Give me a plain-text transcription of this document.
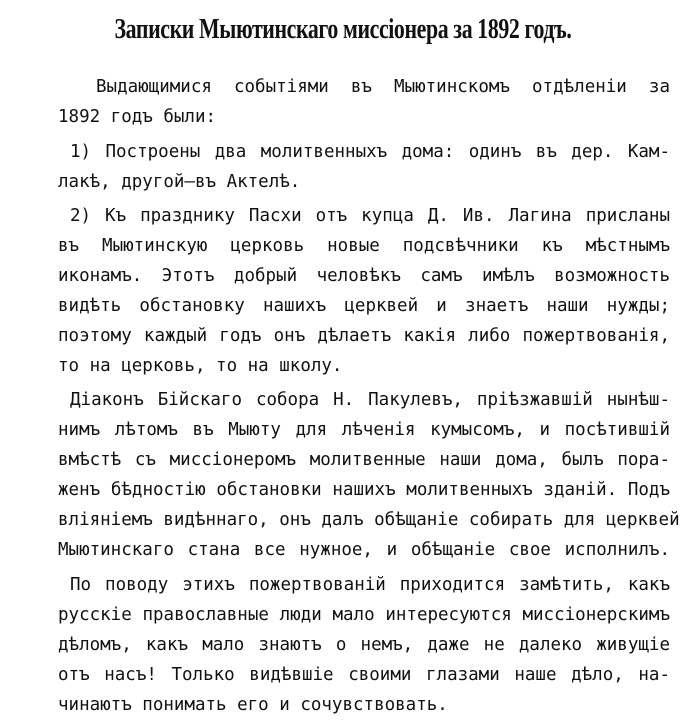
Записки Мыютинскаго миссіонера за 1892 годъ.

Выдающимися событіями въ Мыютинскомъ отдѣленіи за

1892 годъ были:

1) Построены два молитвенныхъ дома: одинъ въ дер. Кам-

лакѣ, другой—въ Актелѣ.

2) Къ празднику Пасхи отъ купца Д. Ив. Лагина присланы

въ Мыютинскую церковь новые подсвѣчники къ мѣстнымъ

иконамъ. Этотъ добрый человѣкъ самъ имѣлъ возможность

видѣть обстановку нашихъ церквей и знаетъ наши нужды;

поэтому каждый годъ онъ дѣлаетъ какія либо пожертвованія,

то на церковь, то на школу.

Діаконъ Бійскаго собора Н. Пакулевъ, пріѣзжавшій нынѣш-

нимъ лѣтомъ въ Мыюту для лѣченія кумысомъ, и посѣтившій

вмѣстѣ съ миссіонеромъ молитвенные наши дома, былъ пора-

женъ бѣдностію обстановки нашихъ молитвенныхъ зданій. Подъ

вліяніемъ видѣннаго, онъ далъ обѣщаніе собирать для церквей

Мыютинскаго стана все нужное, и обѣщаніе свое исполнилъ.

По поводу этихъ пожертвованій приходится замѣтить, какъ

русскіе православные люди мало интересуются миссіонерскимъ

дѣломъ, какъ мало знаютъ о немъ, даже не далеко живущіе

отъ насъ! Только видѣвшіе своими глазами наше дѣло, на-

чинаютъ понимать его и сочувствовать.
